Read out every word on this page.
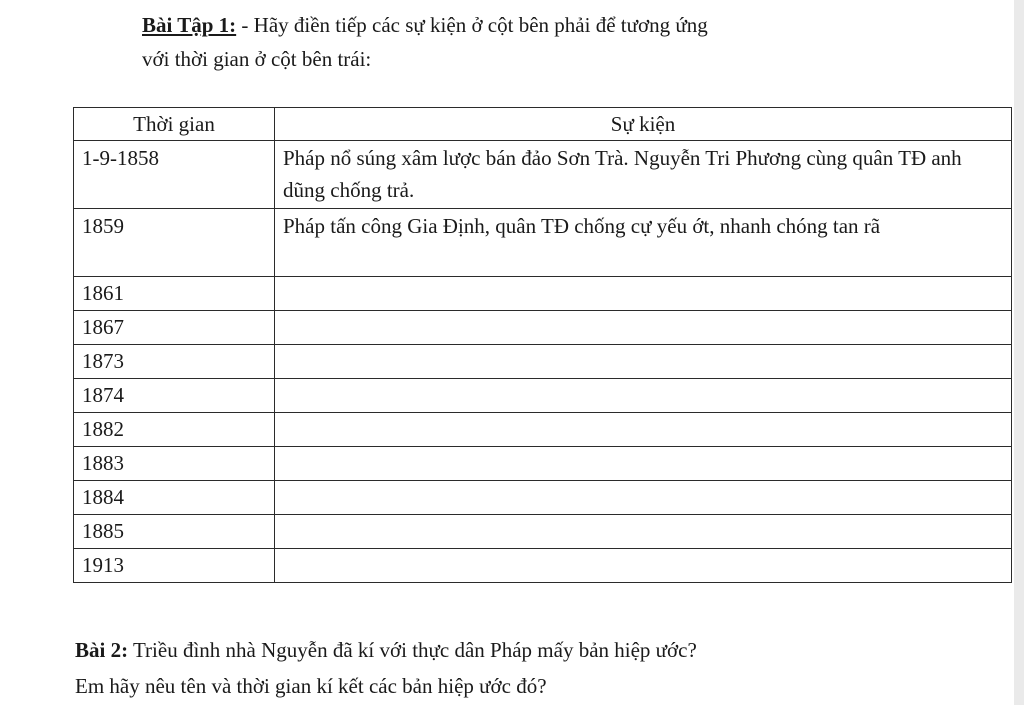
Bài Tập 1: - Hãy điền tiếp các sự kiện ở cột bên phải để tương ứng
với thời gian ở cột bên trái:
Thời gian	Sự kiện
1-9-1858	Pháp nổ súng xâm lược bán đảo Sơn Trà. Nguyễn Tri Phương cùng quân TĐ anh dũng chống trả.
1859	Pháp tấn công Gia Định, quân TĐ chống cự yếu ớt, nhanh chóng tan rã
1861	
1867	
1873	
1874	
1882	
1883	
1884	
1885	
1913	
Bài 2: Triều đình nhà Nguyễn đã kí với thực dân Pháp mấy bản hiệp ước?
Em hãy nêu tên và thời gian kí kết các bản hiệp ước đó?
